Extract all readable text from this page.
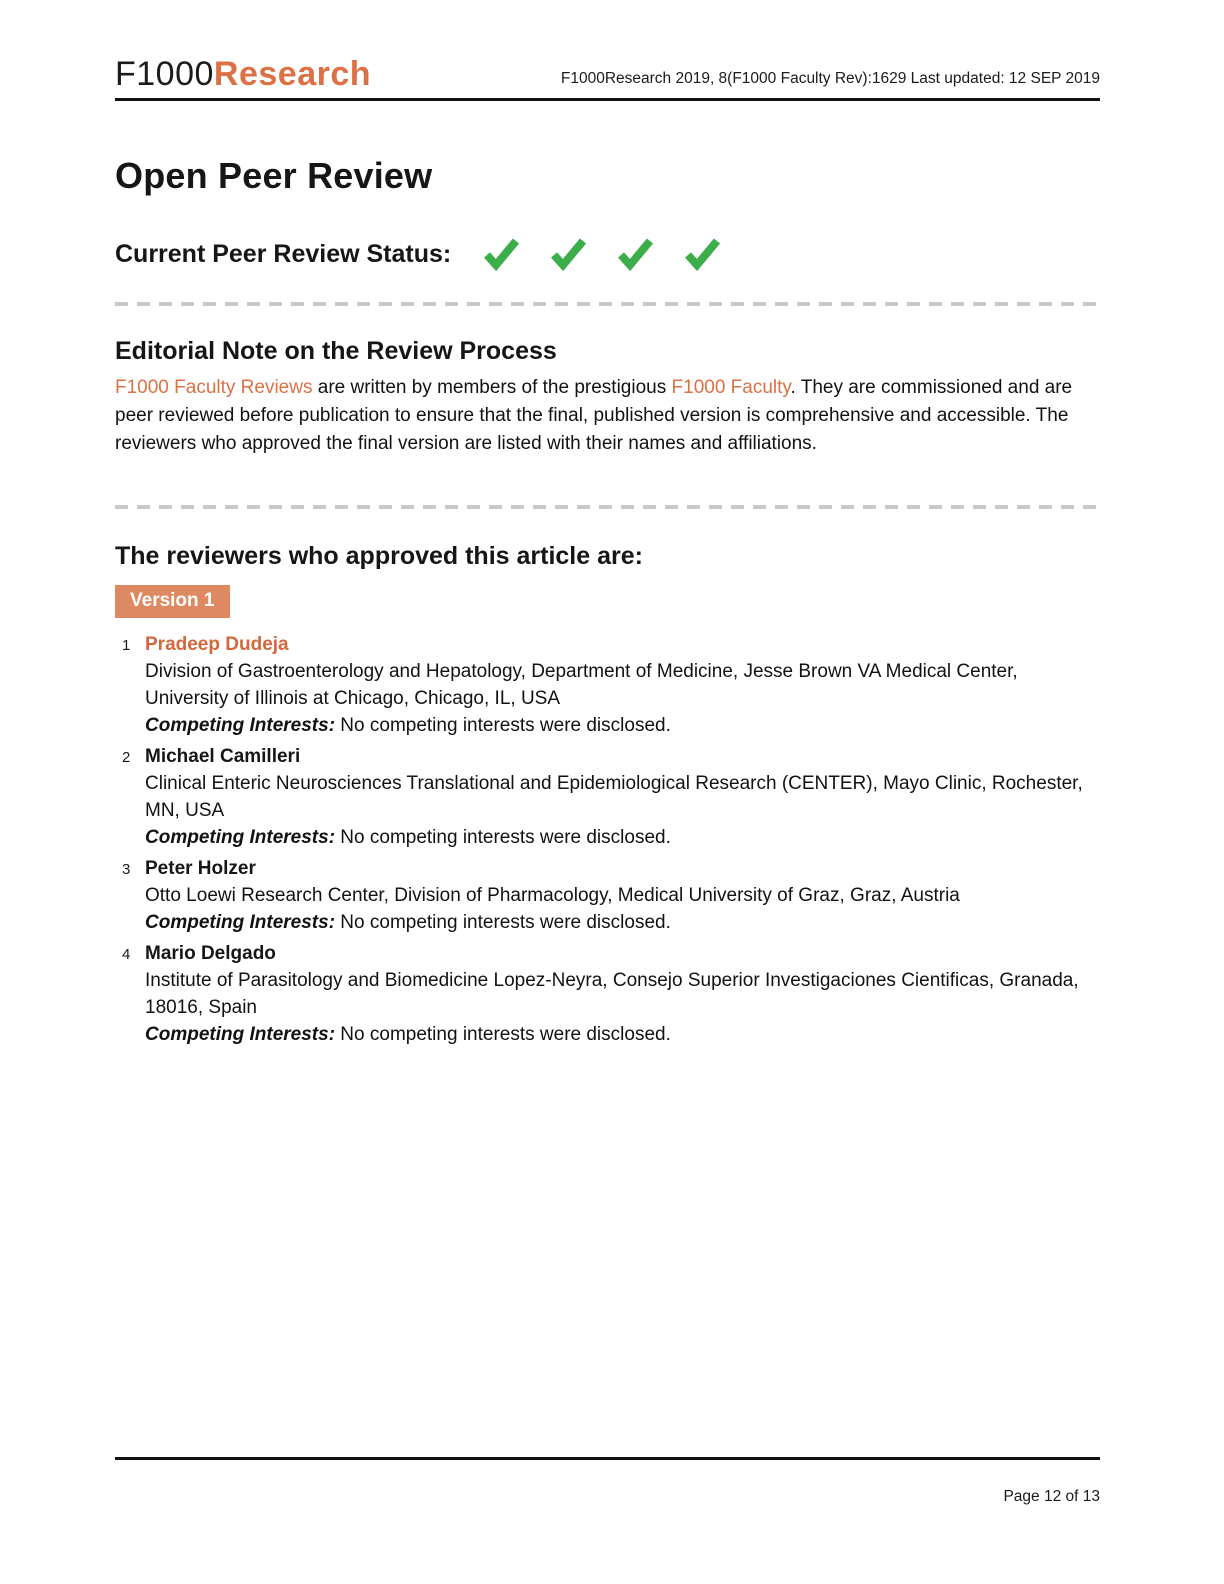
F1000Research	F1000Research 2019, 8(F1000 Faculty Rev):1629 Last updated: 12 SEP 2019
Open Peer Review
Current Peer Review Status:
Editorial Note on the Review Process

F1000 Faculty Reviews are written by members of the prestigious F1000 Faculty. They are commissioned and are peer reviewed before publication to ensure that the final, published version is comprehensive and accessible. The reviewers who approved the final version are listed with their names and affiliations.

The reviewers who approved this article are:
Version 1
1 Pradeep Dudeja
Division of Gastroenterology and Hepatology, Department of Medicine, Jesse Brown VA Medical Center, University of Illinois at Chicago, Chicago, IL, USA
Competing Interests: No competing interests were disclosed.
2 Michael Camilleri
Clinical Enteric Neurosciences Translational and Epidemiological Research (CENTER), Mayo Clinic, Rochester, MN, USA
Competing Interests: No competing interests were disclosed.
3 Peter Holzer
Otto Loewi Research Center, Division of Pharmacology, Medical University of Graz, Graz, Austria
Competing Interests: No competing interests were disclosed.
4 Mario Delgado
Institute of Parasitology and Biomedicine Lopez-Neyra, Consejo Superior Investigaciones Cientificas, Granada, 18016, Spain
Competing Interests: No competing interests were disclosed.
Page 12 of 13
